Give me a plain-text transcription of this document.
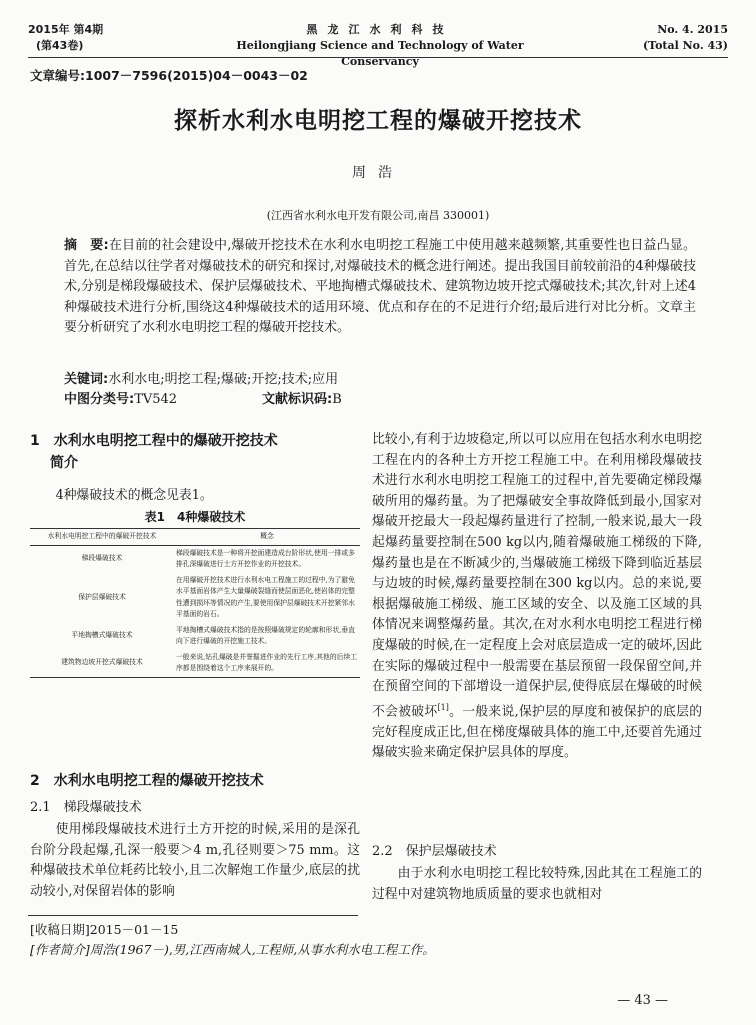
2015年 第4期
(第43卷)
黑龙江水利科技
Heilongjiang Science and Technology of Water Conservancy
No. 4. 2015
(Total No. 43)
文章编号:1007－7596(2015)04－0043－02
探析水利水电明挖工程的爆破开挖技术
周浩
(江西省水利水电开发有限公司,南昌 330001)
摘　要:在目前的社会建设中,爆破开挖技术在水利水电明挖工程施工中使用越来越频繁,其重要性也日益凸显。首先,在总结以往学者对爆破技术的研究和探讨,对爆破技术的概念进行阐述。提出我国目前较前沿的4种爆破技术,分别是梯段爆破技术、保护层爆破技术、平地掏槽式爆破技术、建筑物边坡开挖式爆破技术;其次,针对上述4种爆破技术进行分析,围绕这4种爆破技术的适用环境、优点和存在的不足进行介绍;最后进行对比分析。文章主要分析研究了水利水电明挖工程的爆破开挖技术。
关键词:水利水电;明挖工程;爆破;开挖;技术;应用
中图分类号:TV542	文献标识码:B
1　水利水电明挖工程中的爆破开挖技术
简介
4种爆破技术的概念见表1。
表1　4种爆破技术
水利水电明挖工程中的爆破开挖技术	概念
梯段爆破技术	梯段爆破技术是一种将开挖面建造成台阶形状,使用一排或多排孔深爆破进行土方开挖作业的开挖技术。
保护层爆破技术	在用爆破开挖技术进行水利水电工程施工的过程中,为了避免水平基面岩体产生大量爆破裂缝而使层面恶化,使岩体的完整性遭到损坏等情况的产生,要使用保护层爆破技术开挖紧邻水平基面的岩石。
平地掏槽式爆破技术	平地掏槽式爆破技术指的是按照爆破规定的轮廓和形状,垂直向下进行爆破的开挖施工技术。
建筑物边坡开挖式爆破技术	一般来说,钻孔爆破是并誉掘进作业的先行工序,其他的后续工序都是围绕着这个工序来展开的。
2　水利水电明挖工程的爆破开挖技术
2.1　梯段爆破技术
使用梯段爆破技术进行土方开挖的时候,采用的是深孔台阶分段起爆,孔深一般要＞4 m,孔径则要＞75 mm。这种爆破技术单位耗药比较小,且二次解炮工作量少,底层的扰动较小,对保留岩体的影响
比较小,有利于边坡稳定,所以可以应用在包括水利水电明挖工程在内的各种土方开挖工程施工中。在利用梯段爆破技术进行水利水电明挖工程施工的过程中,首先要确定梯段爆破所用的爆药量。为了把爆破安全事故降低到最小,国家对爆破开挖最大一段起爆药量进行了控制,一般来说,最大一段起爆药量要控制在500 kg以内,随着爆破施工梯级的下降,爆药量也是在不断减少的,当爆破施工梯级下降到临近基层与边坡的时候,爆药量要控制在300 kg以内。总的来说,要根据爆破施工梯级、施工区域的安全、以及施工区域的具体情况来调整爆药量。其次,在对水利水电明挖工程进行梯度爆破的时候,在一定程度上会对底层造成一定的破坏,因此在实际的爆破过程中一般需要在基层预留一段保留空间,并在预留空间的下部增设一道保护层,使得底层在爆破的时候不会被破坏[1]。一般来说,保护层的厚度和被保护的底层的完好程度成正比,但在梯度爆破具体的施工中,还要首先通过爆破实验来确定保护层具体的厚度。
2.2　保护层爆破技术
由于水利水电明挖工程比较特殊,因此其在工程施工的过程中对建筑物地质质量的要求也就相对
[收稿日期]2015－01－15
[作者简介]周浩(1967－),男,江西南城人,工程师,从事水利水电工程工作。
— 43 —
